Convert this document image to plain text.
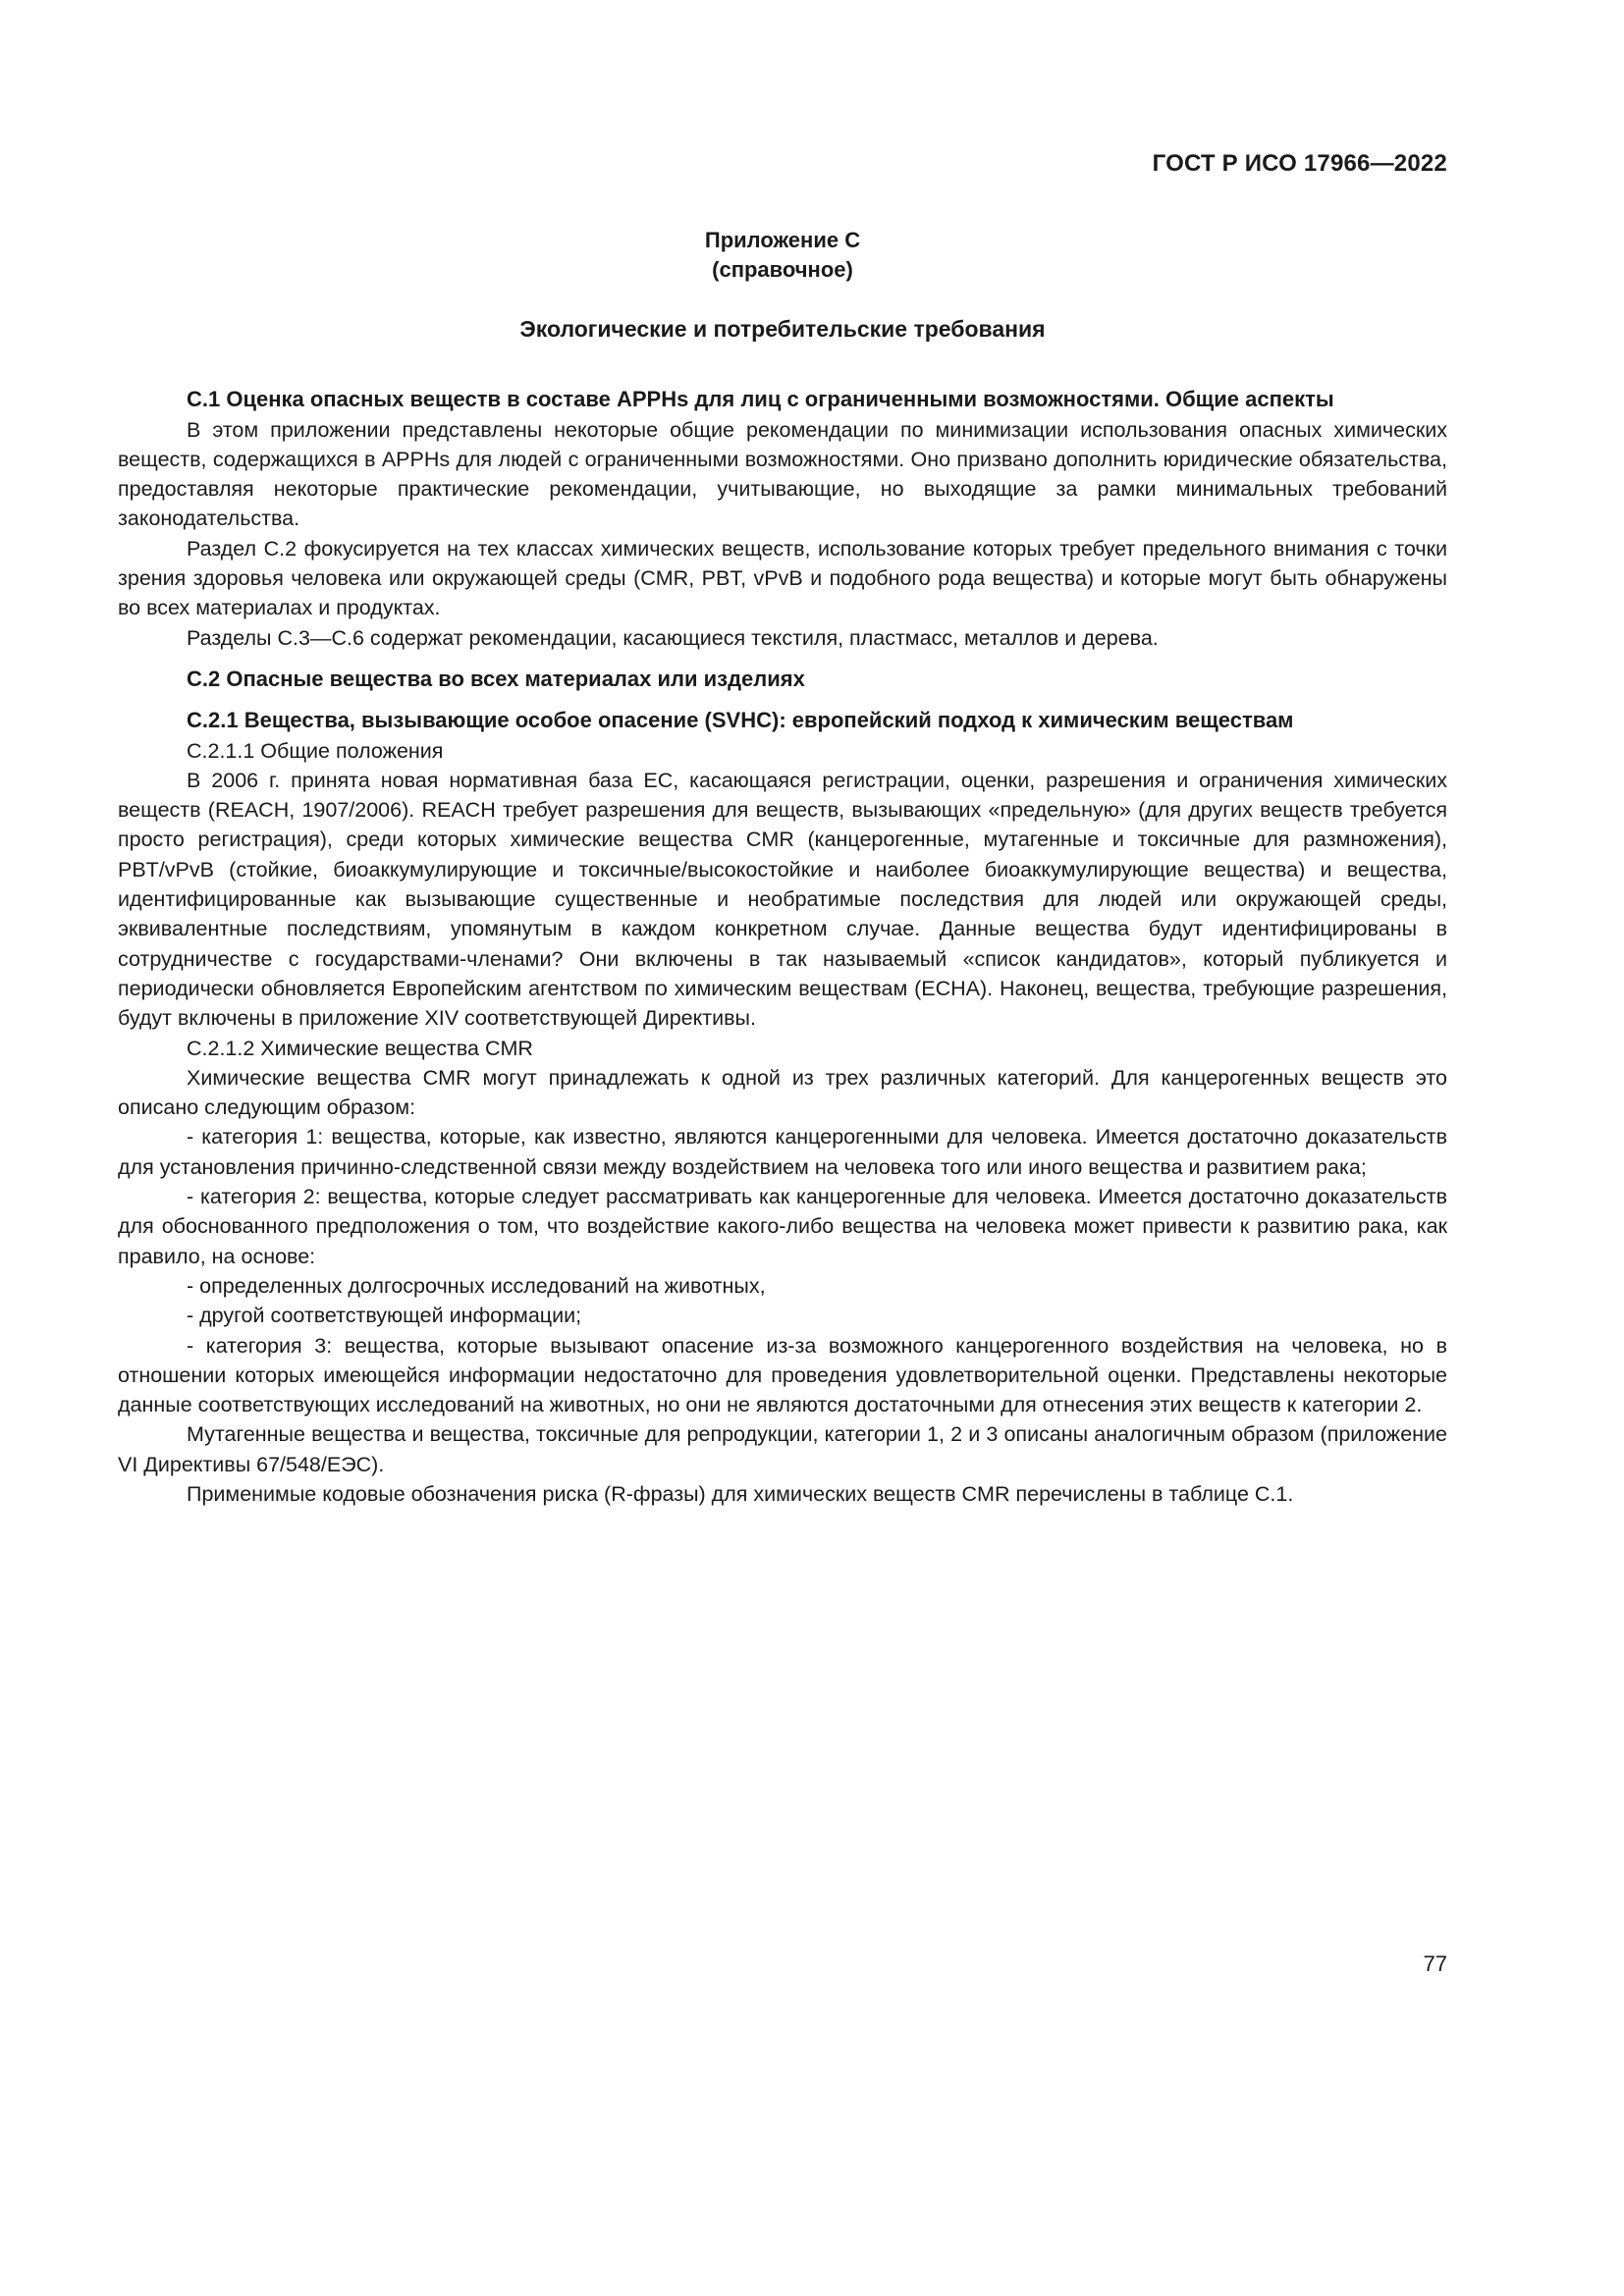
ГОСТ Р ИСО 17966—2022
Приложение С
(справочное)
Экологические и потребительские требования
С.1 Оценка опасных веществ в составе APPHs для лиц с ограниченными возможностями. Общие аспекты

В этом приложении представлены некоторые общие рекомендации по минимизации использования опасных химических веществ, содержащихся в APPHs для людей с ограниченными возможностями. Оно призвано дополнить юридические обязательства, предоставляя некоторые практические рекомендации, учитывающие, но выходящие за рамки минимальных требований законодательства.

Раздел С.2 фокусируется на тех классах химических веществ, использование которых требует предельного внимания с точки зрения здоровья человека или окружающей среды (CMR, PBT, vPvB и подобного рода вещества) и которые могут быть обнаружены во всех материалах и продуктах.

Разделы С.3—С.6 содержат рекомендации, касающиеся текстиля, пластмасс, металлов и дерева.

С.2 Опасные вещества во всех материалах или изделиях
С.2.1 Вещества, вызывающие особое опасение (SVHC): европейский подход к химическим веществам

С.2.1.1 Общие положения

В 2006 г. принята новая нормативная база ЕС, касающаяся регистрации, оценки, разрешения и ограничения химических веществ (REACH, 1907/2006). REACH требует разрешения для веществ, вызывающих «предельную» (для других веществ требуется просто регистрация), среди которых химические вещества CMR (канцерогенные, мутагенные и токсичные для размножения), PBT/vPvB (стойкие, биоаккумулирующие и токсичные/высокостойкие и наиболее биоаккумулирующие вещества) и вещества, идентифицированные как вызывающие существенные и необратимые последствия для людей или окружающей среды, эквивалентные последствиям, упомянутым в каждом конкретном случае. Данные вещества будут идентифицированы в сотрудничестве с государствами-членами? Они включены в так называемый «список кандидатов», который публикуется и периодически обновляется Европейским агентством по химическим веществам (ECHA). Наконец, вещества, требующие разрешения, будут включены в приложение XIV соответствующей Директивы.

С.2.1.2 Химические вещества CMR

Химические вещества CMR могут принадлежать к одной из трех различных категорий. Для канцерогенных веществ это описано следующим образом:

- категория 1: вещества, которые, как известно, являются канцерогенными для человека. Имеется достаточно доказательств для установления причинно-следственной связи между воздействием на человека того или иного вещества и развитием рака;

- категория 2: вещества, которые следует рассматривать как канцерогенные для человека. Имеется достаточно доказательств для обоснованного предположения о том, что воздействие какого-либо вещества на человека может привести к развитию рака, как правило, на основе:

- определенных долгосрочных исследований на животных,

- другой соответствующей информации;

- категория 3: вещества, которые вызывают опасение из-за возможного канцерогенного воздействия на человека, но в отношении которых имеющейся информации недостаточно для проведения удовлетворительной оценки. Представлены некоторые данные соответствующих исследований на животных, но они не являются достаточными для отнесения этих веществ к категории 2.

Мутагенные вещества и вещества, токсичные для репродукции, категории 1, 2 и 3 описаны аналогичным образом (приложение VI Директивы 67/548/ЕЭС).

Применимые кодовые обозначения риска (R-фразы) для химических веществ CMR перечислены в таблице С.1.

77
